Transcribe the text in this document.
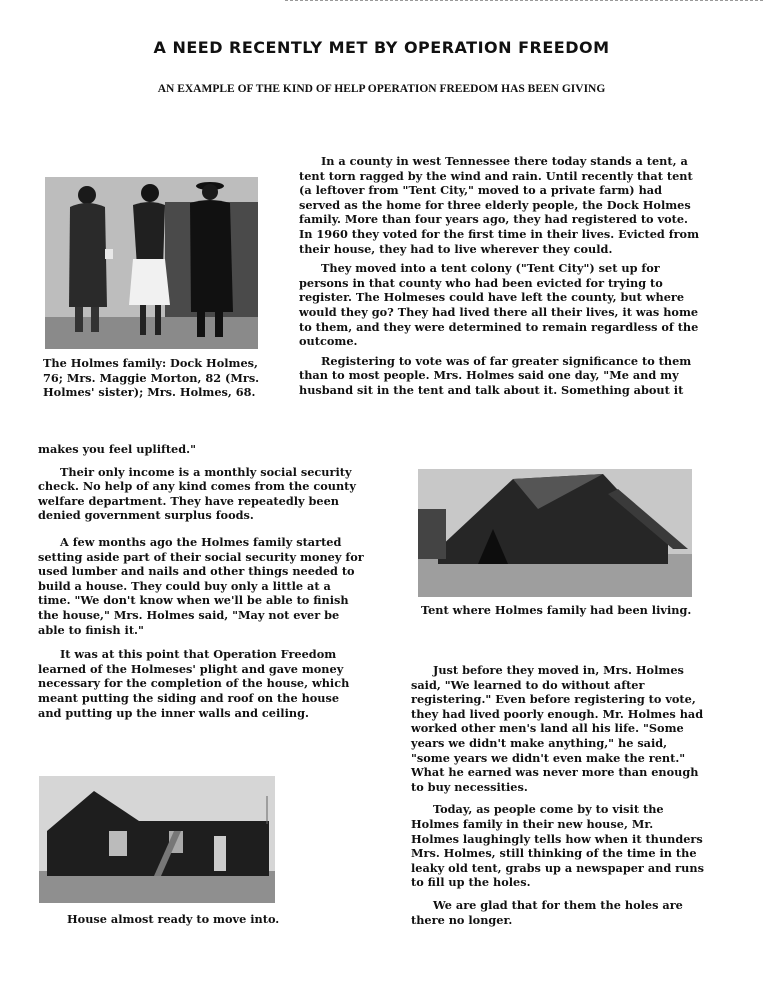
A NEED RECENTLY MET BY OPERATION FREEDOM
AN EXAMPLE OF THE KIND OF HELP OPERATION FREEDOM HAS BEEN GIVING
The Holmes family: Dock Holmes, 76; Mrs. Maggie Morton, 82 (Mrs. Holmes' sister); Mrs. Holmes, 68.

In a county in west Tennessee there today stands a tent, a tent torn ragged by the wind and rain. Until recently that tent (a leftover from "Tent City," moved to a private farm) had served as the home for three elderly people, the Dock Holmes family. More than four years ago, they had registered to vote. In 1960 they voted for the first time in their lives. Evicted from their house, they had to live wherever they could.

They moved into a tent colony ("Tent City") set up for persons in that county who had been evicted for trying to register. The Holmeses could have left the county, but where would they go? They had lived there all their lives, it was home to them, and they were determined to remain regardless of the outcome.

Registering to vote was of far greater significance to them than to most people. Mrs. Holmes said one day, "Me and my husband sit in the tent and talk about it. Something about it

makes you feel uplifted."

Their only income is a monthly social security check. No help of any kind comes from the county welfare department. They have repeatedly been denied government surplus foods.

A few months ago the Holmes family started setting aside part of their social security money for used lumber and nails and other things needed to build a house. They could buy only a little at a time. "We don't know when we'll be able to finish the house," Mrs. Holmes said, "May not ever be able to finish it."

It was at this point that Operation Freedom learned of the Holmeses' plight and gave money necessary for the completion of the house, which meant putting the siding and roof on the house and putting up the inner walls and ceiling.

Tent where Holmes family had been living.

Just before they moved in, Mrs. Holmes said, "We learned to do without after registering." Even before registering to vote, they had lived poorly enough. Mr. Holmes had worked other men's land all his life. "Some years we didn't make anything," he said, "some years we didn't even make the rent." What he earned was never more than enough to buy necessities.

Today, as people come by to visit the Holmes family in their new house, Mr. Holmes laughingly tells how when it thunders Mrs. Holmes, still thinking of the time in the leaky old tent, grabs up a newspaper and runs to fill up the holes.

We are glad that for them the holes are there no longer.

House almost ready to move into.
